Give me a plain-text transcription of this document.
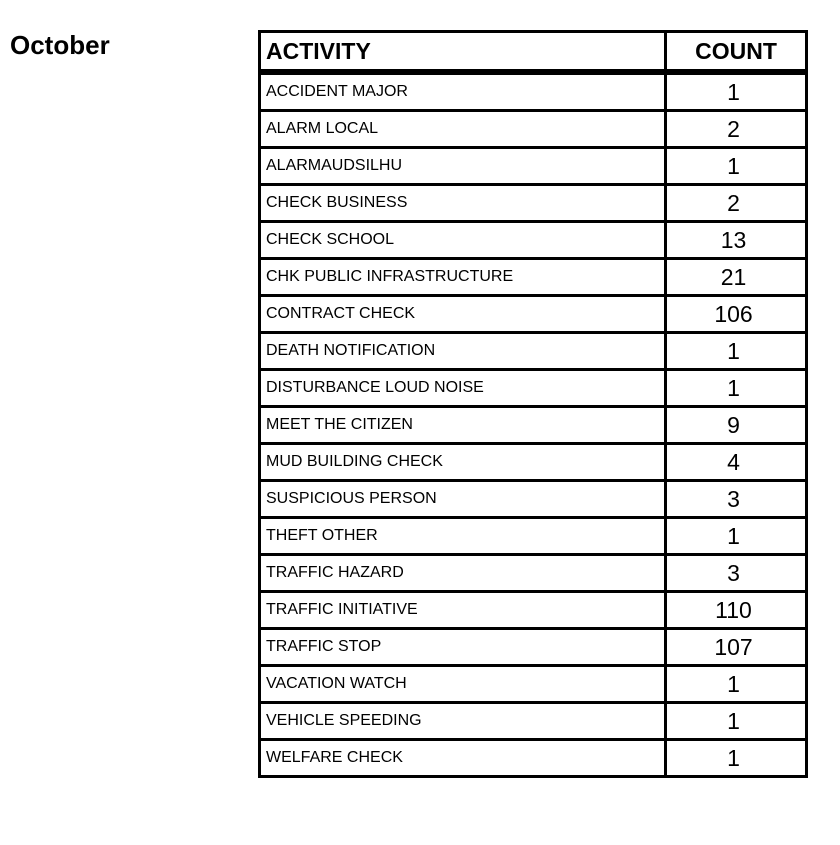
October	ACTIVITY	COUNT
ACCIDENT MAJOR	1
ALARM LOCAL	2
ALARMAUDSILHU	1
CHECK BUSINESS	2
CHECK SCHOOL	13
CHK PUBLIC INFRASTRUCTURE	21
CONTRACT CHECK	106
DEATH NOTIFICATION	1
DISTURBANCE LOUD NOISE	1
MEET THE CITIZEN	9
MUD BUILDING CHECK	4
SUSPICIOUS PERSON	3
THEFT OTHER	1
TRAFFIC HAZARD	3
TRAFFIC INITIATIVE	110
TRAFFIC STOP	107
VACATION WATCH	1
VEHICLE SPEEDING	1
WELFARE CHECK	1
